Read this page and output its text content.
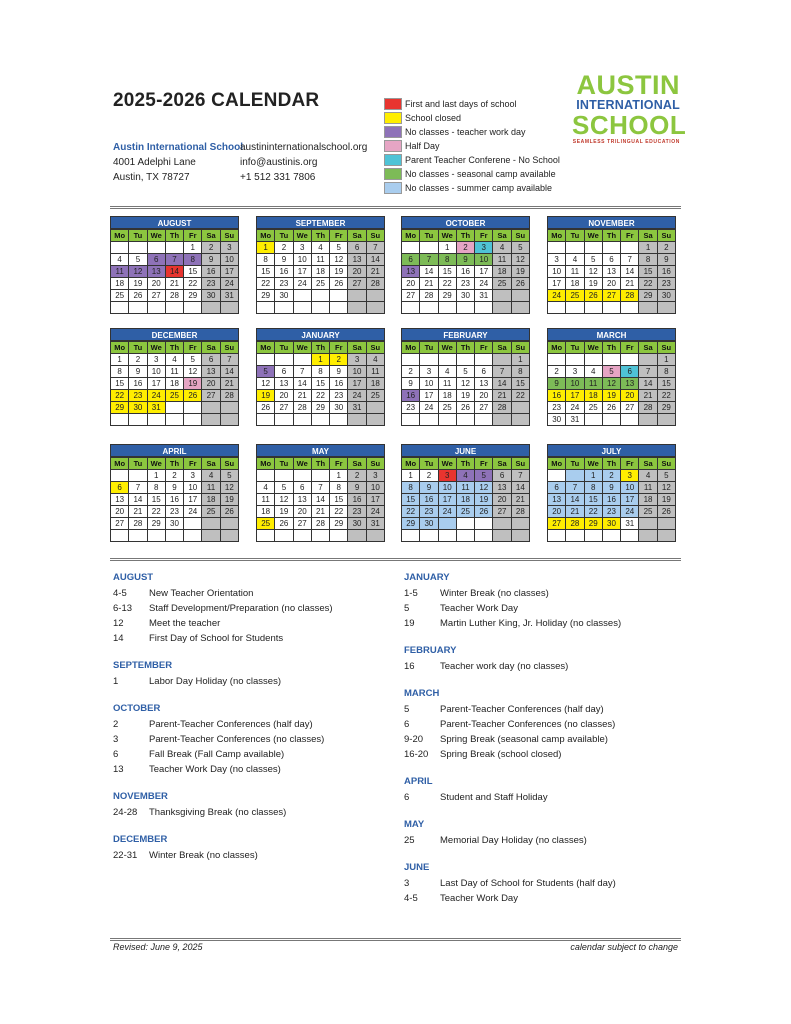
2025-2026 CALENDAR
Austin International School
4001 Adelphi Lane
Austin, TX 78727
austininternationalschool.org
info@austinis.org
+1 512 331 7806
First and last days of school
School closed
No classes - teacher work day
Half Day
Parent Teacher Conferene - No School
No classes - seasonal camp available
No classes - summer camp available
AUSTIN
INTERNATIONAL
SCHOOL
SEAMLESS TRILINGUAL EDUCATION
AUGUST
Mo	Tu	We	Th	Fr	Sa	Su
				1	2	3
4	5	6	7	8	9	10
11	12	13	14	15	16	17
18	19	20	21	22	23	24
25	26	27	28	29	30	31

SEPTEMBER
Mo	Tu	We	Th	Fr	Sa	Su
1	2	3	4	5	6	7
8	9	10	11	12	13	14
15	16	17	18	19	20	21
22	23	24	25	26	27	28
29	30					

OCTOBER
Mo	Tu	We	Th	Fr	Sa	Su
		1	2	3	4	5
6	7	8	9	10	11	12
13	14	15	16	17	18	19
20	21	22	23	24	25	26
27	28	29	30	31		

NOVEMBER
Mo	Tu	We	Th	Fr	Sa	Su
					1	2
3	4	5	6	7	8	9
10	11	12	13	14	15	16
17	18	19	20	21	22	23
24	25	26	27	28	29	30

DECEMBER
Mo	Tu	We	Th	Fr	Sa	Su
1	2	3	4	5	6	7
8	9	10	11	12	13	14
15	16	17	18	19	20	21
22	23	24	25	26	27	28
29	30	31				

JANUARY
Mo	Tu	We	Th	Fr	Sa	Su
			1	2	3	4
5	6	7	8	9	10	11
12	13	14	15	16	17	18
19	20	21	22	23	24	25
26	27	28	29	30	31	

FEBRUARY
Mo	Tu	We	Th	Fr	Sa	Su
						1
2	3	4	5	6	7	8
9	10	11	12	13	14	15
16	17	18	19	20	21	22
23	24	25	26	27	28	

MARCH
Mo	Tu	We	Th	Fr	Sa	Su
						1
2	3	4	5	6	7	8
9	10	11	12	13	14	15
16	17	18	19	20	21	22
23	24	25	26	27	28	29
30	31					
APRIL
Mo	Tu	We	Th	Fr	Sa	Su
		1	2	3	4	5
6	7	8	9	10	11	12
13	14	15	16	17	18	19
20	21	22	23	24	25	26
27	28	29	30			

MAY
Mo	Tu	We	Th	Fr	Sa	Su
				1	2	3
4	5	6	7	8	9	10
11	12	13	14	15	16	17
18	19	20	21	22	23	24
25	26	27	28	29	30	31

JUNE
Mo	Tu	We	Th	Fr	Sa	Su
1	2	3	4	5	6	7
8	9	10	11	12	13	14
15	16	17	18	19	20	21
22	23	24	25	26	27	28
29	30					

JULY
Mo	Tu	We	Th	Fr	Sa	Su
		1	2	3	4	5
6	7	8	9	10	11	12
13	14	15	16	17	18	19
20	21	22	23	24	25	26
27	28	29	30	31		

AUGUST
4-5	New Teacher Orientation
6-13	Staff Development/Preparation (no classes)
12	Meet the teacher
14	First Day of School for Students
SEPTEMBER
1	Labor Day Holiday (no classes)
OCTOBER
2	Parent-Teacher Conferences (half day)
3	Parent-Teacher Conferences (no classes)
6	Fall Break (Fall Camp available)
13	Teacher Work Day (no classes)
NOVEMBER
24-28	Thanksgiving Break (no classes)
DECEMBER
22-31	Winter Break (no classes)
JANUARY
1-5	Winter Break (no classes)
5	Teacher Work Day
19	Martin Luther King, Jr. Holiday (no classes)
FEBRUARY
16	Teacher work day (no classes)
MARCH
5	Parent-Teacher Conferences (half day)
6	Parent-Teacher Conferences (no classes)
9-20	Spring Break (seasonal camp available)
16-20	Spring Break (school closed)
APRIL
6	Student and Staff Holiday
MAY
25	Memorial Day Holiday (no classes)
JUNE
3	Last Day of School for Students (half day)
4-5	Teacher Work Day
Revised: June 9, 2025	calendar subject to change
